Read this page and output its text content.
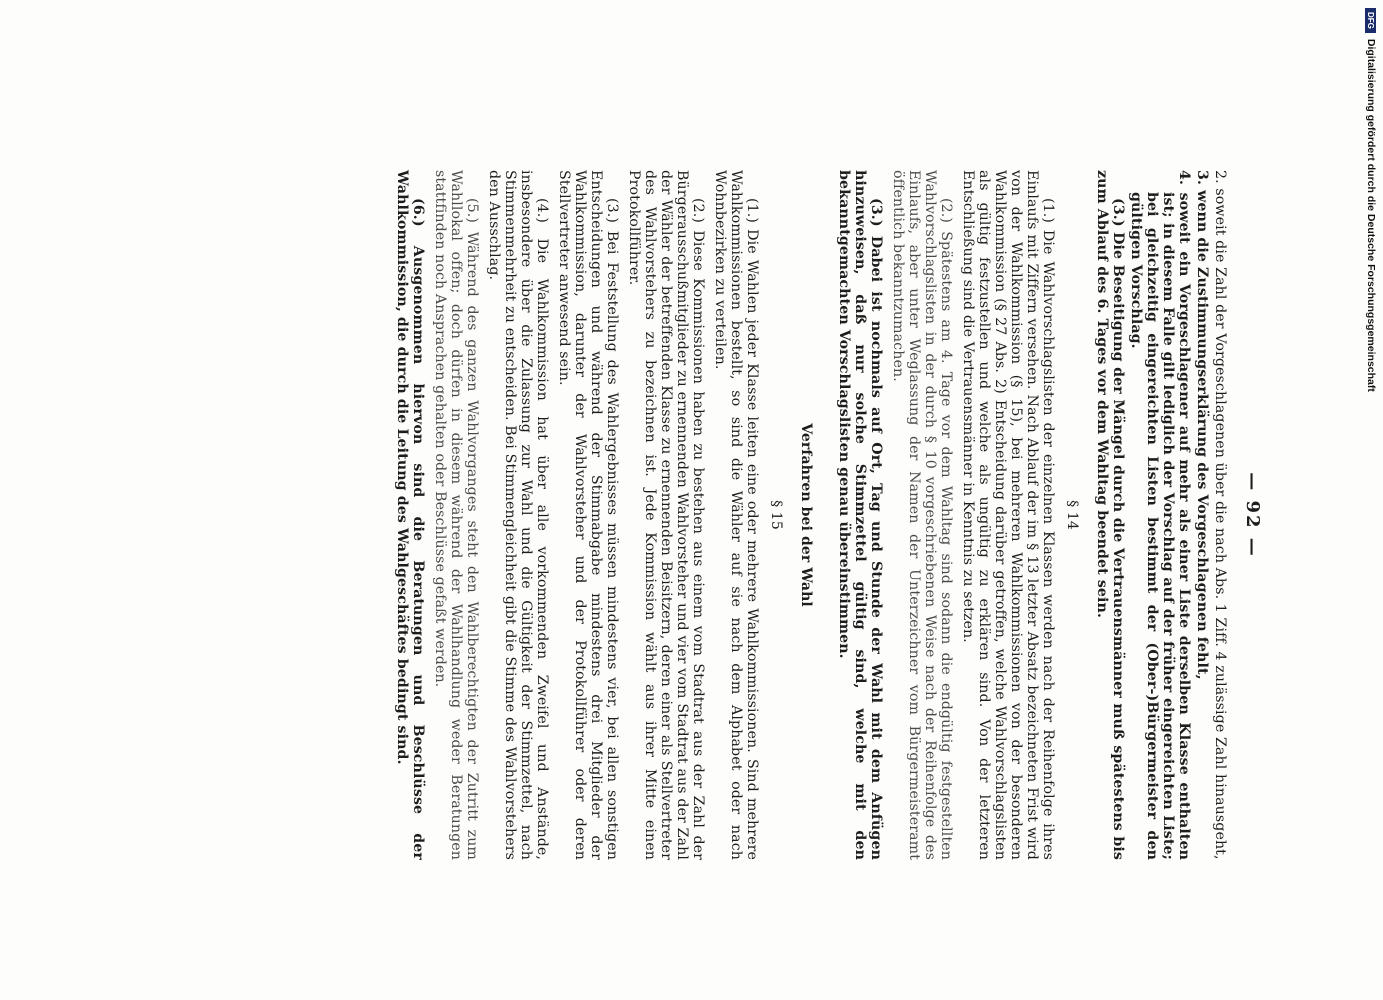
— 92 —

2. soweit die Zahl der Vorgeschlagenen über die nach Abs. 1 Ziff. 4 zulässige Zahl hinausgeht,

3. wenn die Zustimmungserklärung des Vorgeschlagenen fehlt,

4. soweit ein Vorgeschlagener auf mehr als einer Liste derselben Klasse enthalten ist; in diesem Falle gilt lediglich der Vorschlag auf der früher eingereichten Liste; bei gleichzeitig eingereichten Listen bestimmt der (Ober-)Bürgermeister den gültigen Vorschlag.

(3.) Die Beseitigung der Mängel durch die Vertrauensmänner muß spätestens bis zum Ablauf des 6. Tages vor dem Wahltag beendet sein.

§ 14

(1.) Die Wahlvorschlagslisten der einzelnen Klassen werden nach der Reihenfolge ihres Einlaufs mit Ziffern versehen. Nach Ablauf der im § 13 letzter Absatz bezeichneten Frist wird von der Wahlkommission (§ 15), bei mehreren Wahlkommissionen von der besonderen Wahlkommission (§ 27 Abs. 2) Entscheidung darüber getroffen, welche Wahlvorschlagslisten als gültig festzustellen und welche als ungültig zu erklären sind. Von der letzteren Entschließung sind die Vertrauensmänner in Kenntnis zu setzen.

(2.) Spätestens am 4. Tage vor dem Wahltag sind sodann die endgültig festgestellten Wahlvorschlagslisten in der durch § 10 vorgeschriebenen Weise nach der Reihenfolge des Einlaufs, aber unter Weglassung der Namen der Unterzeichner vom Bürgermeisteramt öffentlich bekanntzumachen.

(3.) Dabei ist nochmals auf Ort, Tag und Stunde der Wahl mit dem Anfügen hinzuweisen, daß nur solche Stimmzettel gültig sind, welche mit den bekanntgemachten Vorschlagslisten genau übereinstimmen.

Verfahren bei der Wahl
§ 15

(1.) Die Wahlen jeder Klasse leiten eine oder mehrere Wahlkommissionen. Sind mehrere Wahlkommissionen bestellt, so sind die Wähler auf sie nach dem Alphabet oder nach Wohnbezirken zu verteilen.

(2.) Diese Kommissionen haben zu bestehen aus einem vom Stadtrat aus der Zahl der Bürgerausschußmitglieder zu ernennenden Wahlvorsteher und vier vom Stadtrat aus der Zahl der Wähler der betreffenden Klasse zu ernennenden Beisitzern, deren einer als Stellvertreter des Wahlvorstehers zu bezeichnen ist. Jede Kommission wählt aus ihrer Mitte einen Protokollführer.

(3.) Bei Feststellung des Wahlergebnisses müssen mindestens vier, bei allen sonstigen Entscheidungen und während der Stimmabgabe mindestens drei Mitglieder der Wahlkommission, darunter der Wahlvorsteher und der Protokollführer oder deren Stellvertreter anwesend sein.

(4.) Die Wahlkommission hat über alle vorkommenden Zweifel und Anstände, insbesondere über die Zulassung zur Wahl und die Gültigkeit der Stimmzettel, nach Stimmenmehrheit zu entscheiden. Bei Stimmengleichheit gibt die Stimme des Wahlvorstehers den Ausschlag.

(5.) Während des ganzen Wahlvorganges steht den Wahlberechtigten der Zutritt zum Wahllokal offen; doch dürfen in diesem während der Wahlhandlung weder Beratungen stattfinden noch Ansprachen gehalten oder Beschlüsse gefaßt werden.

(6.) Ausgenommen hiervon sind die Beratungen und Beschlüsse der Wahlkommission, die durch die Leitung des Wahlgeschäftes bedingt sind.	Digitalisierung gefördert durch die Deutsche Forschungsgemeinschaft
DFG
